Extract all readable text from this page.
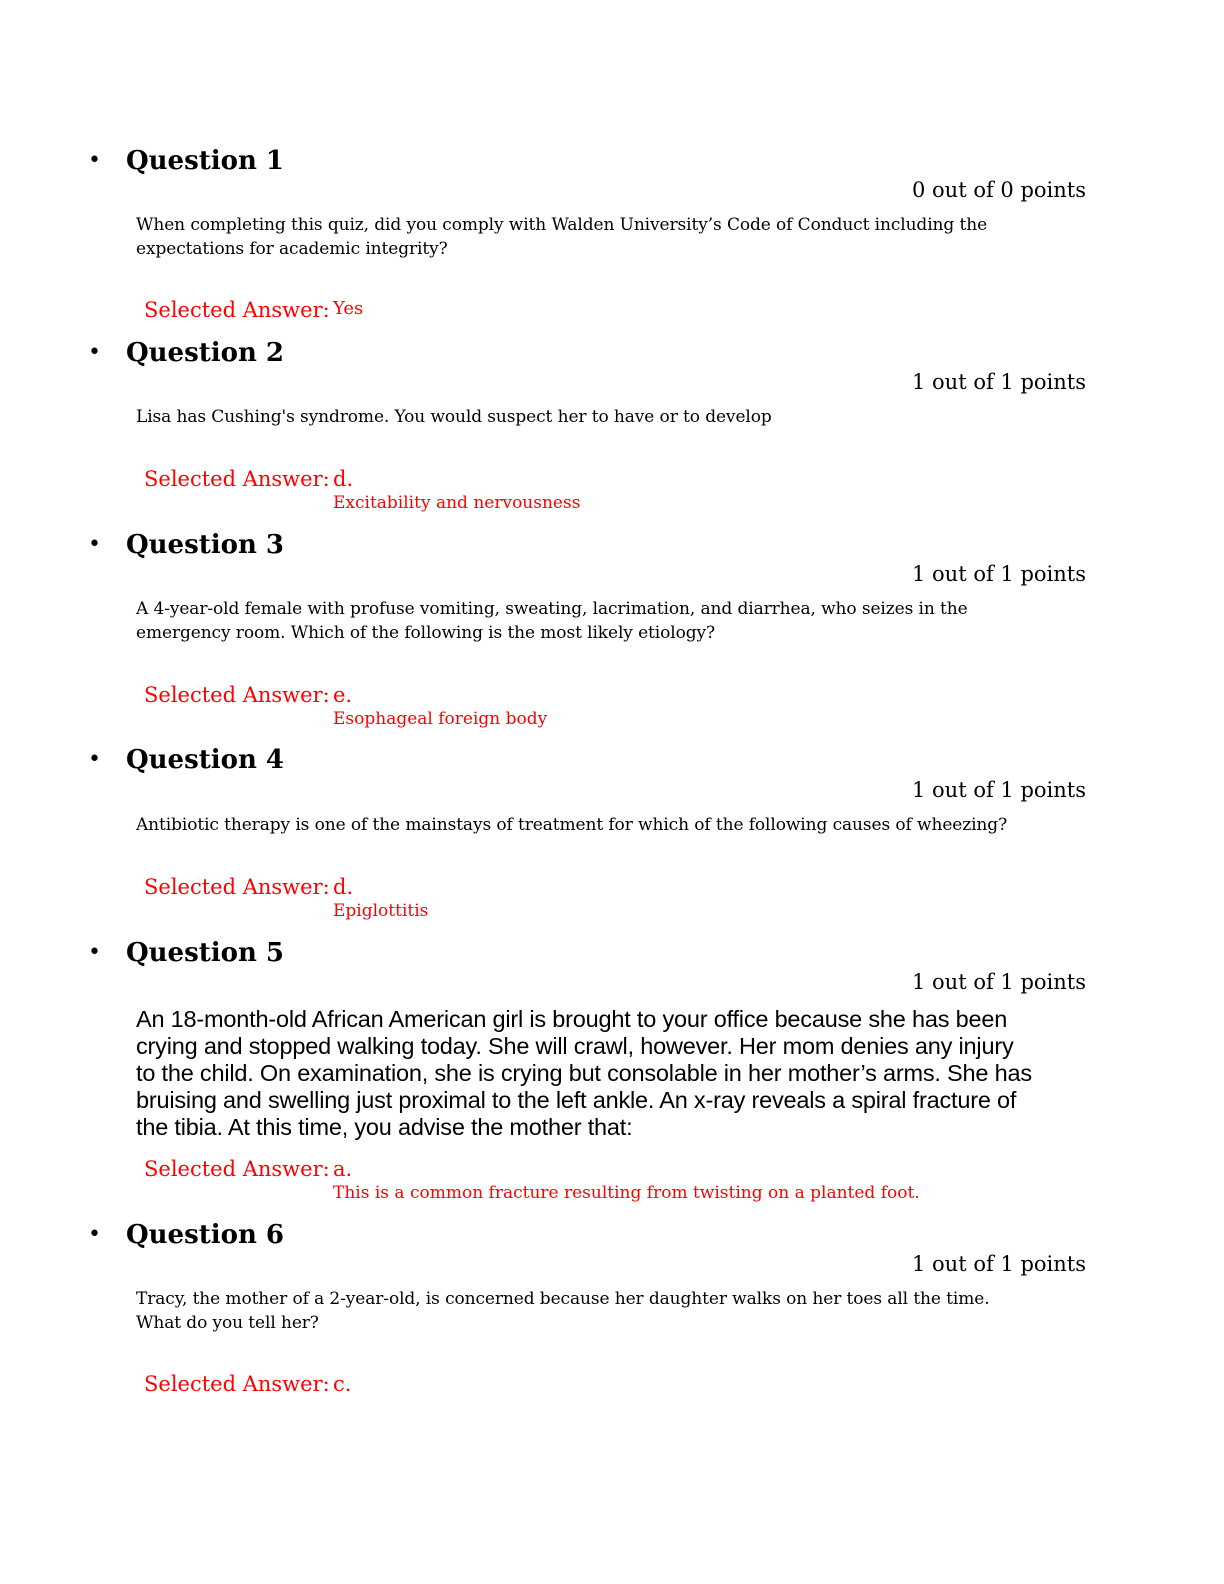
• Question 1
0 out of 0 points
When completing this quiz, did you comply with Walden University’s Code of Conduct including the expectations for academic integrity?
Selected Answer: Yes
• Question 2
1 out of 1 points
Lisa has Cushing's syndrome. You would suspect her to have or to develop
Selected Answer: d.
Excitability and nervousness
• Question 3
1 out of 1 points
A 4-year-old female with profuse vomiting, sweating, lacrimation, and diarrhea, who seizes in the emergency room. Which of the following is the most likely etiology?
Selected Answer: e.
Esophageal foreign body
• Question 4
1 out of 1 points
Antibiotic therapy is one of the mainstays of treatment for which of the following causes of wheezing?
Selected Answer: d.
Epiglottitis
• Question 5
1 out of 1 points
An 18-month-old African American girl is brought to your office because she has been crying and stopped walking today. She will crawl, however. Her mom denies any injury to the child. On examination, she is crying but consolable in her mother’s arms. She has bruising and swelling just proximal to the left ankle. An x-ray reveals a spiral fracture of the tibia. At this time, you advise the mother that:
Selected Answer: a.
This is a common fracture resulting from twisting on a planted foot.
• Question 6
1 out of 1 points
Tracy, the mother of a 2-year-old, is concerned because her daughter walks on her toes all the time. What do you tell her?
Selected Answer: c.
